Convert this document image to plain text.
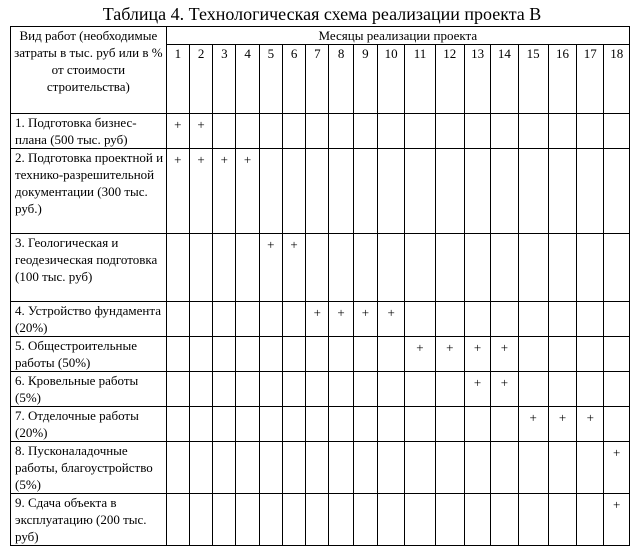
Таблица 4. Технологическая схема реализации проекта В
Вид работ (необходимые затраты в тыс. руб или в % от стоимости строительства)	Месяцы реализации проекта																	
	1	2	3	4	5	6	7	8	9	10	11	12	13	14	15	16	17	18
1. Подготовка бизнес-плана (500 тыс. руб)	+	+																
2. Подготовка проектной и технико-разрешительной документации (300 тыс. руб.)	+	+	+	+														
3. Геологическая и геодезическая подготовка (100 тыс. руб)					+	+												
4. Устройство фундамента (20%)							+	+	+	+								
5. Общестроительные работы (50%)											+	+	+	+				
6. Кровельные работы (5%)													+	+				
7. Отделочные работы (20%)															+	+	+	
8. Пусконаладочные работы, благоустройство (5%)																		+
9. Сдача объекта в эксплуатацию (200 тыс. руб)																		+
